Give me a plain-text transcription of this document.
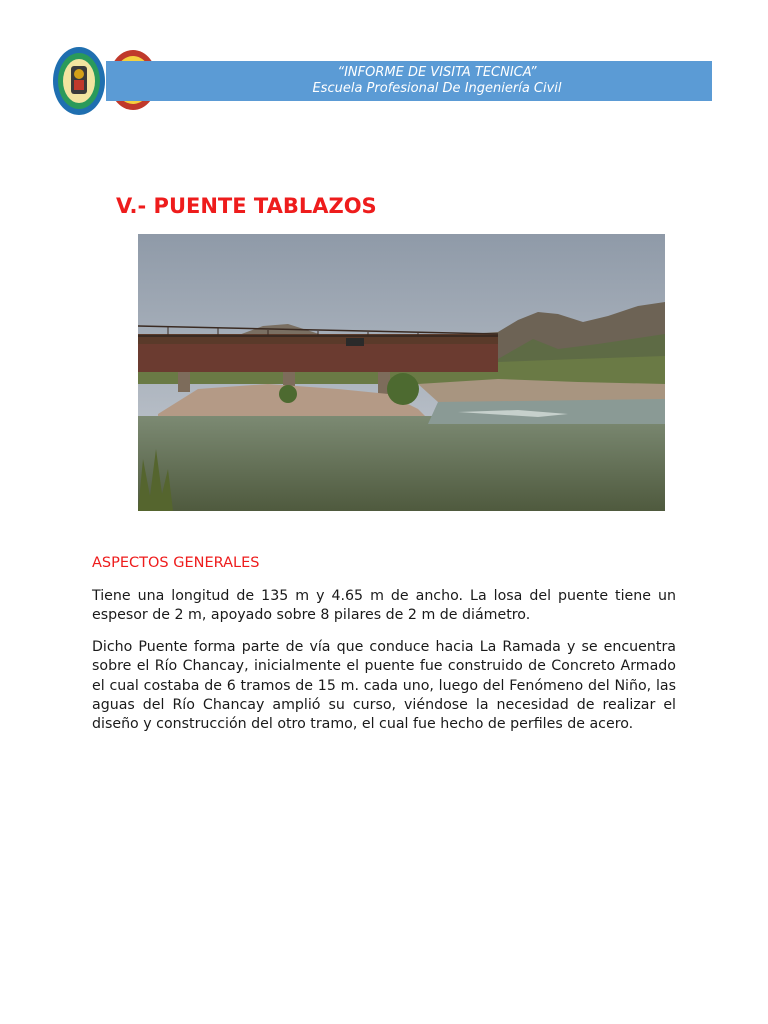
“INFORME DE VISITA TECNICA”
Escuela Profesional De Ingeniería Civil
V.- PUENTE TABLAZOS
ASPECTOS GENERALES

Tiene una longitud de 135 m y 4.65 m de ancho. La losa del puente tiene un espesor de 2 m, apoyado sobre 8 pilares de 2 m de diámetro.

Dicho Puente forma parte de vía que conduce hacia La Ramada y se encuentra sobre el Río Chancay, inicialmente el puente fue construido de Concreto Armado el cual costaba de 6 tramos de 15 m. cada uno, luego del Fenómeno del Niño, las aguas del Río Chancay amplió su curso, viéndose la necesidad de realizar el diseño y construcción del otro tramo, el cual fue hecho de perfiles de acero.
